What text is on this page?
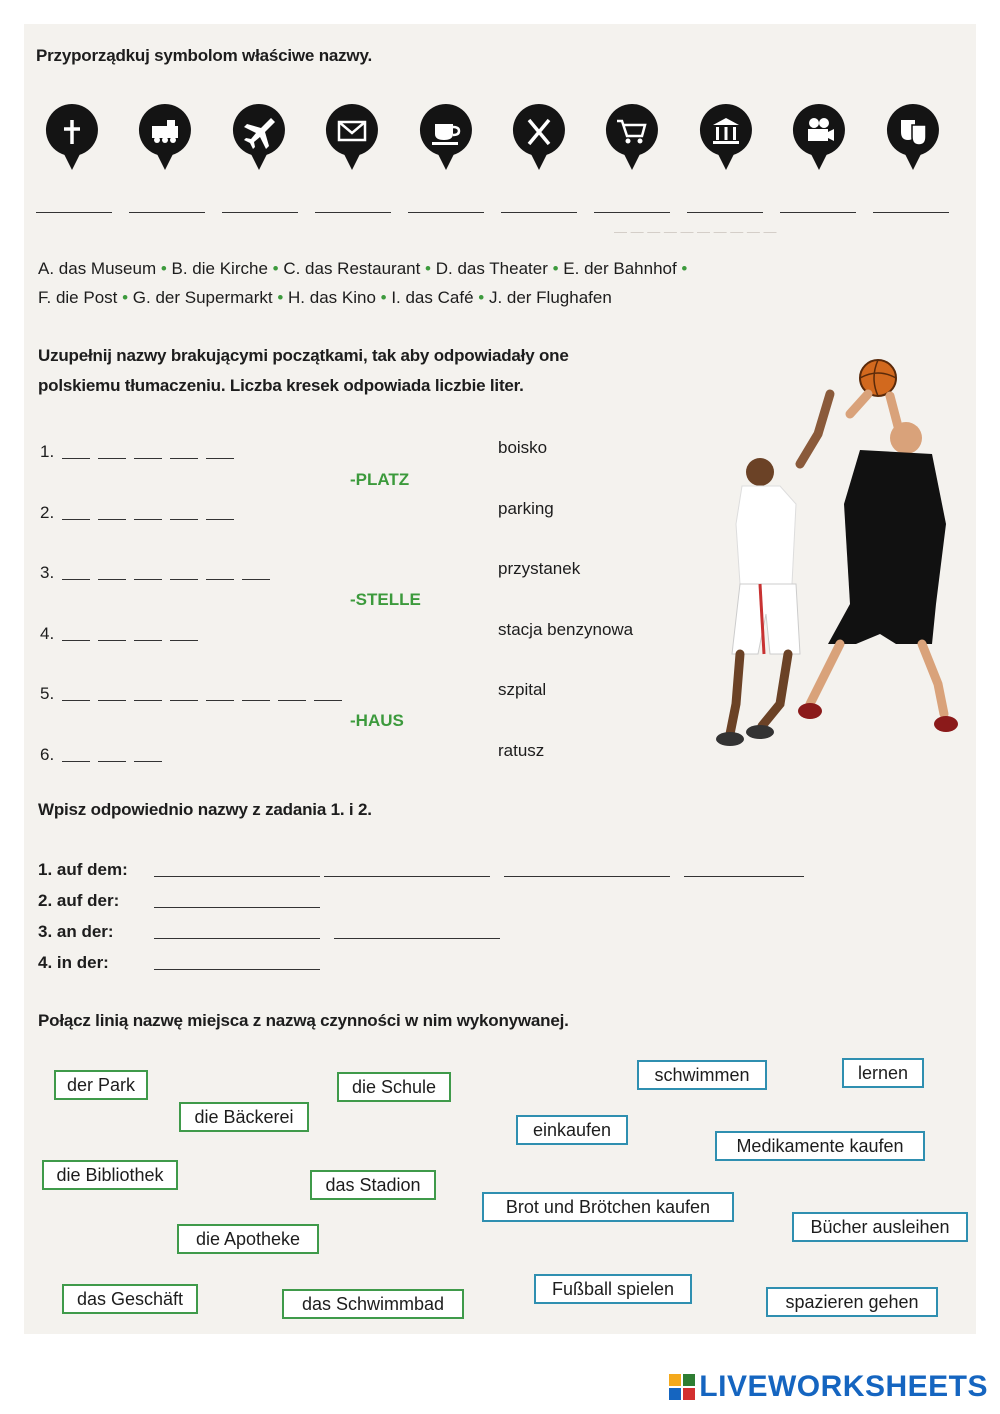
— — — — — — — — — —
Przyporządkuj symbolom właściwe nazwy.
A. das Museum • B. die Kirche • C. das Restaurant • D. das Theater • E. der Bahnhof •
F. die Post • G. der Supermarkt • H. das Kino • I. das Café • J. der Flughafen
Uzupełnij nazwy brakującymi początkami, tak aby odpowiadały one
polskiemu tłumaczeniu. Liczba kresek odpowiada liczbie liter.
1.	boisko
2.	parking
3.	przystanek
4.	stacja benzynowa
5.	szpital
6.	ratusz
-PLATZ
-STELLE
-HAUS
Wpisz odpowiednio nazwy z zadania 1. i 2.
1. auf dem:
2. auf der:
3. an der:
4. in der:
Połącz linią nazwę miejsca z nazwą czynności w nim wykonywanej.
der Park	die Schule
die Bäckerei
die Bibliothek	das Stadion
die Apotheke
das Geschäft	das Schwimmbad
schwimmen	lernen
einkaufen
Medikamente kaufen
Brot und Brötchen kaufen
Bücher ausleihen
Fußball spielen
spazieren gehen
LIVEWORKSHEETS
